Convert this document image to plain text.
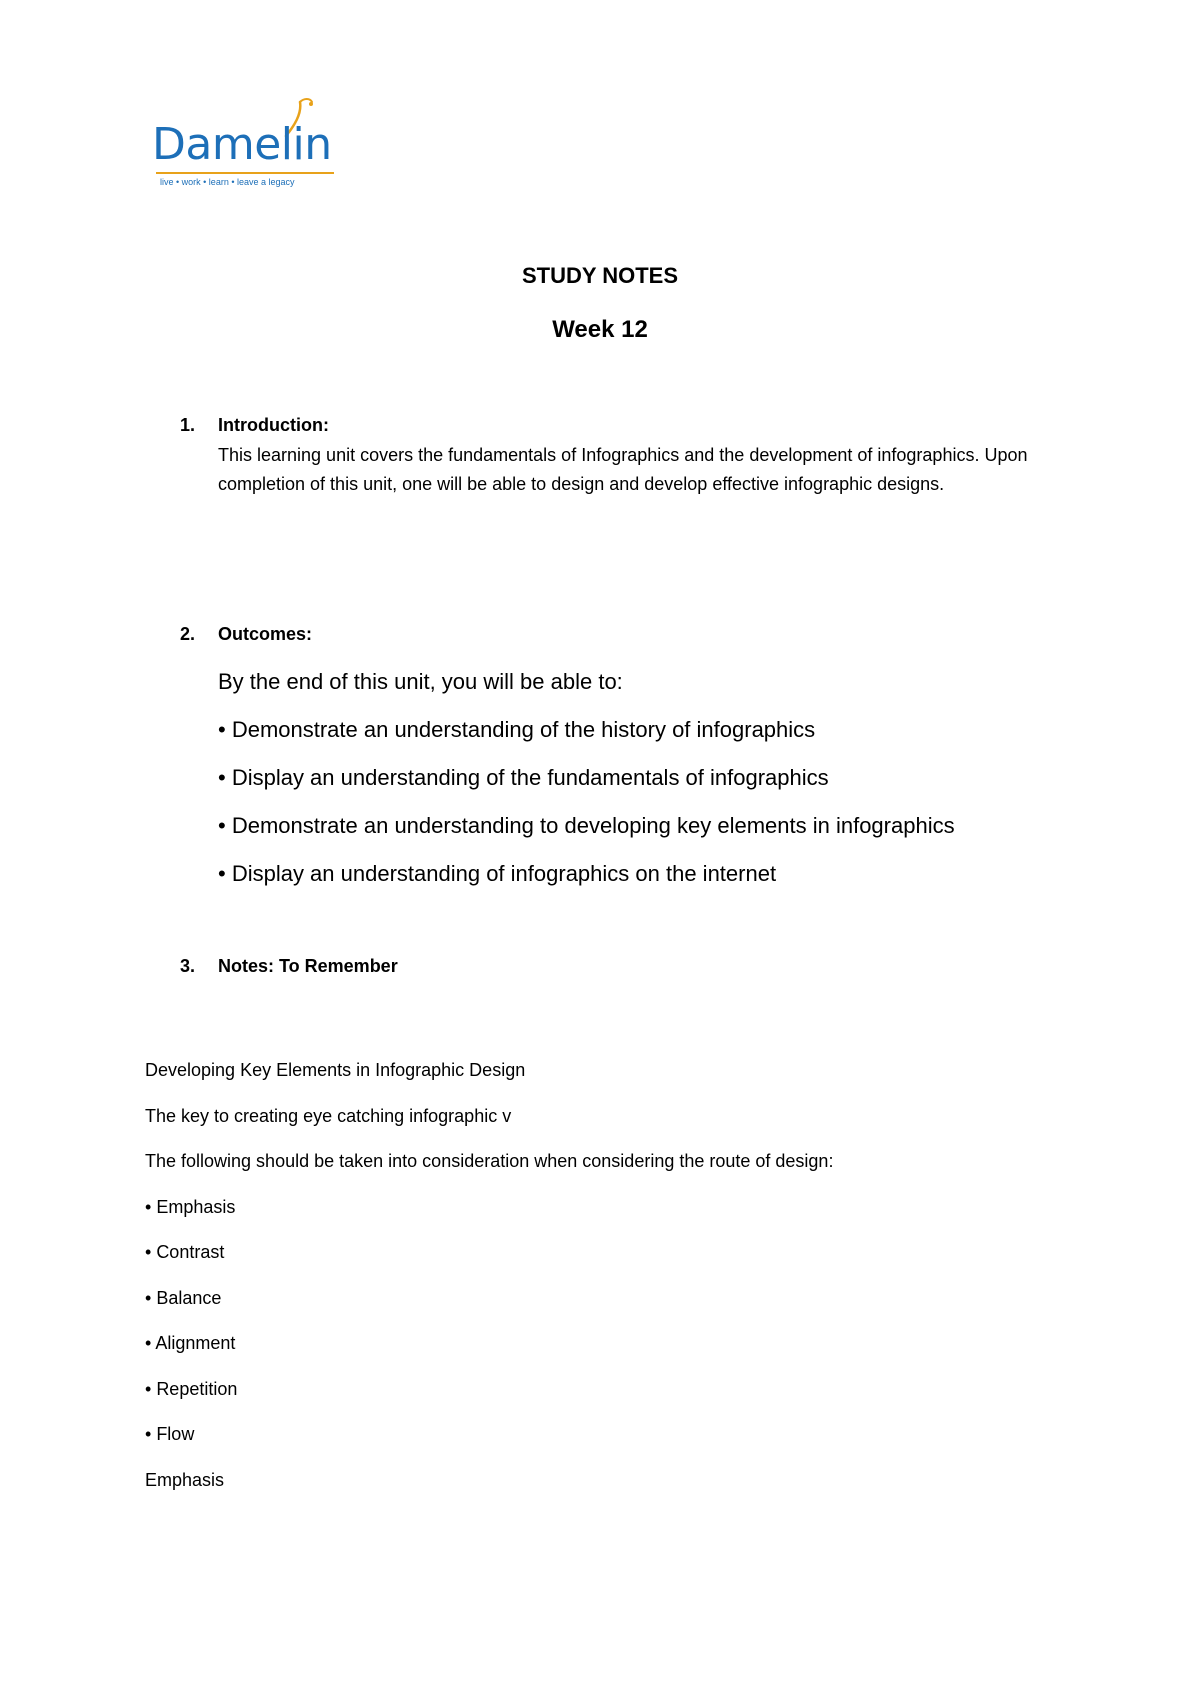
Damelin
live • work • learn • leave a legacy
STUDY NOTES
Week 12
1. Introduction:
This learning unit covers the fundamentals of Infographics and the development of infographics. Upon completion of this unit, one will be able to design and develop effective infographic designs.
2. Outcomes:
By the end of this unit, you will be able to:
• Demonstrate an understanding of the history of infographics
• Display an understanding of the fundamentals of infographics
• Demonstrate an understanding to developing key elements in infographics
• Display an understanding of infographics on the internet
3. Notes: To Remember

Developing Key Elements in Infographic Design

The key to creating eye catching infographic v

The following should be taken into consideration when considering the route of design:

• Emphasis

• Contrast

• Balance

• Alignment

• Repetition

• Flow

Emphasis
